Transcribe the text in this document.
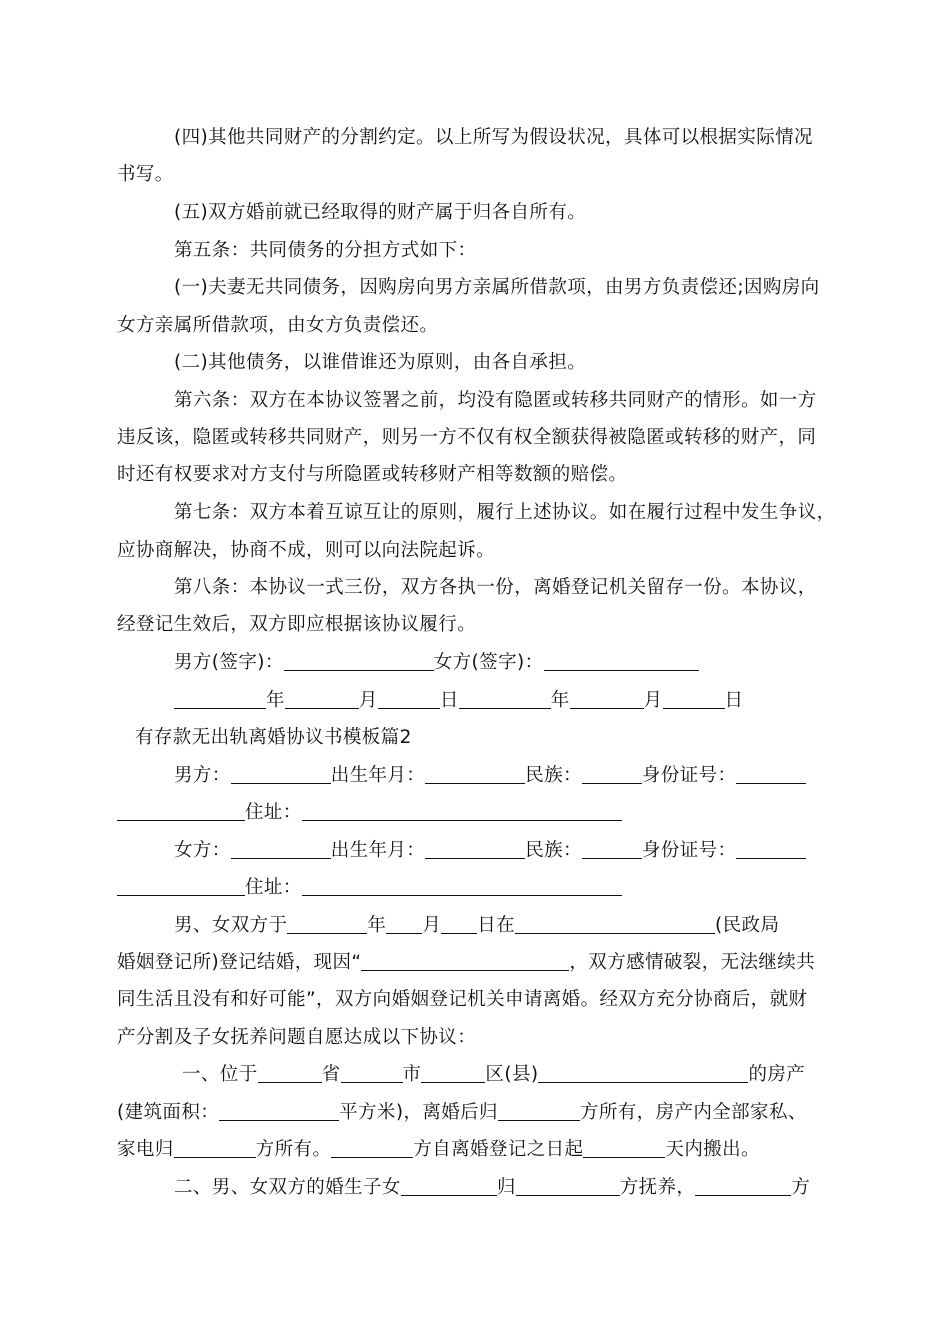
(四)其他共同财产的分割约定。以上所写为假设状况，具体可以根据实际情况
书写。
(五)双方婚前就已经取得的财产属于归各自所有。
第五条：共同债务的分担方式如下：
(一)夫妻无共同债务，因购房向男方亲属所借款项，由男方负责偿还;因购房向
女方亲属所借款项，由女方负责偿还。
(二)其他债务，以谁借谁还为原则，由各自承担。
第六条：双方在本协议签署之前，均没有隐匿或转移共同财产的情形。如一方
违反该，隐匿或转移共同财产，则另一方不仅有权全额获得被隐匿或转移的财产，同
时还有权要求对方支付与所隐匿或转移财产相等数额的赔偿。
第七条：双方本着互谅互让的原则，履行上述协议。如在履行过程中发生争议，
应协商解决，协商不成，则可以向法院起诉。
第八条：本协议一式三份，双方各执一份，离婚登记机关留存一份。本协议，
经登记生效后，双方即应根据该协议履行。
男方(签字)：	女方(签字)：
年	月	日	年	月	日
有存款无出轨离婚协议书模板篇2
男方：	出生年月：	民族：	身份证号：
住址：
女方：	出生年月：	民族：	身份证号：
住址：
男、女双方于	年 月 日在	(民政局
婚姻登记所)登记结婚，现因“	，双方感情破裂，无法继续共
同生活且没有和好可能”，双方向婚姻登记机关申请离婚。经双方充分协商后，就财
产分割及子女抚养问题自愿达成以下协议：
一、位于	省	市	区(县)	的房产
(建筑面积：	平方米)，离婚后归	方所有，房产内全部家私、
家电归	方所有。	方自离婚登记之日起	天内搬出。
二、男、女双方的婚生子女	归	方抚养，	方
